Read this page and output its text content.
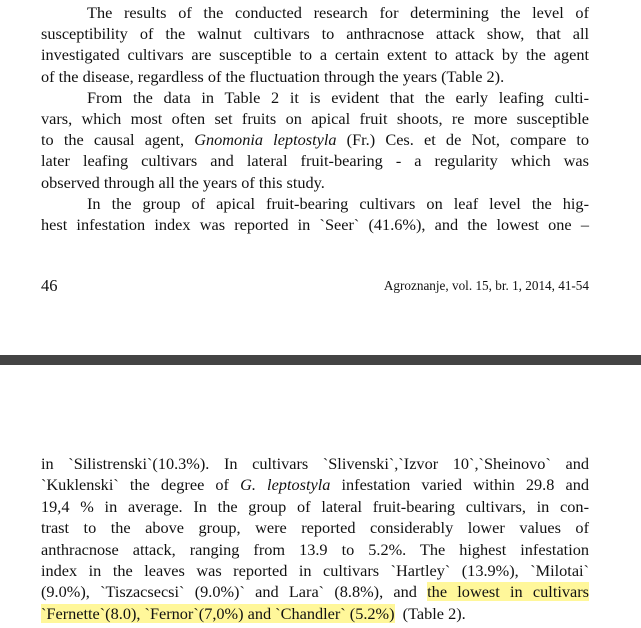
The results of the conducted research for determining the level of
susceptibility of the walnut cultivars to anthracnose attack show, that all
investigated cultivars are susceptible to a certain extent to attack by the agent
of the disease, regardless of the fluctuation through the years (Table 2).

From the data in Table 2 it is evident that the early leafing culti-
vars, which most often set fruits on apical fruit shoots, re more susceptible
to the causal agent, Gnomonia leptostyla (Fr.) Ces. et de Not, compare to
later leafing cultivars and lateral fruit-bearing - a regularity which was
observed through all the years of this study.

In the group of apical fruit-bearing cultivars on leaf level the hig-
hest infestation index was reported in `Seer` (41.6%), and the lowest one –

46	Agroznanje, vol. 15, br. 1, 2014, 41-54

in `Silistrenski`(10.3%). In cultivars `Slivenski`,`Izvor 10`,`Sheinovo` and
`Kuklenski` the degree of G. leptostyla infestation varied within 29.8 and
19,4 % in average. In the group of lateral fruit-bearing cultivars, in con-
trast to the above group, were reported considerably lower values of
anthracnose attack, ranging from 13.9 to 5.2%. The highest infestation
index in the leaves was reported in cultivars `Hartley` (13.9%), `Milotai`
(9.0%), `Tiszacsecsi` (9.0%)` and Lara` (8.8%), and the lowest in cultivars
`Fernette`(8.0), `Fernor`(7,0%) and `Chandler` (5.2%)  (Table 2).
